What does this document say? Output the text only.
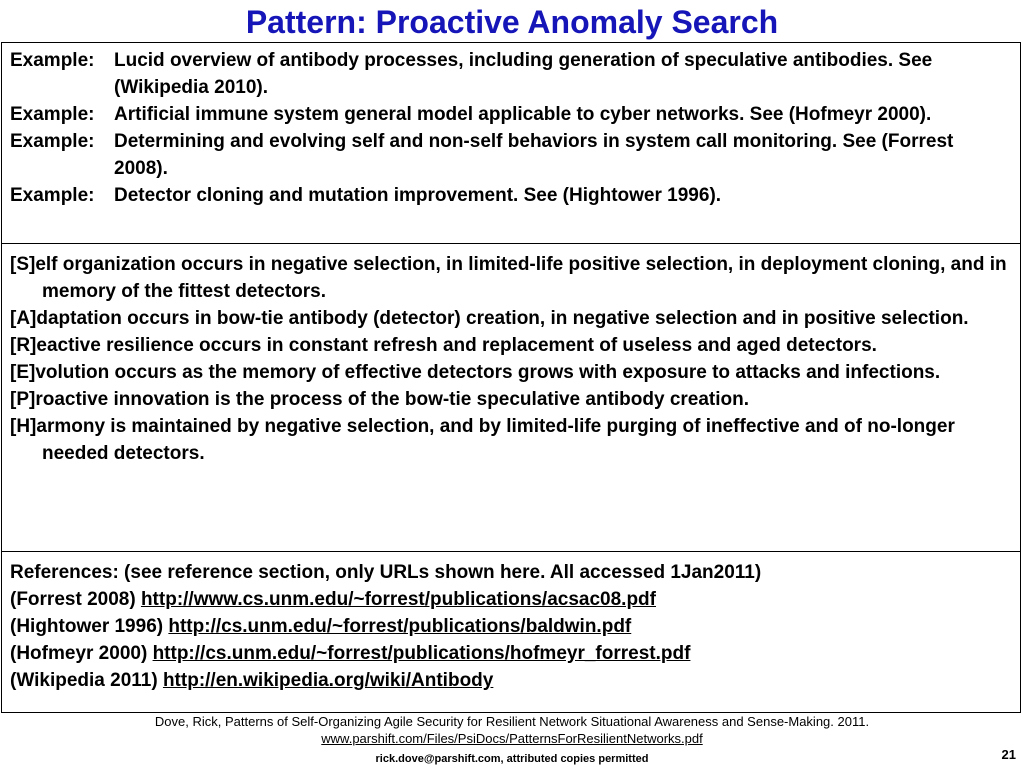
Pattern: Proactive Anomaly Search

Example: Lucid overview of antibody processes, including generation of speculative antibodies. See (Wikipedia 2010).

Example: Artificial immune system general model applicable to cyber networks. See (Hofmeyr 2000).

Example: Determining and evolving self and non-self behaviors in system call monitoring. See (Forrest 2008).

Example: Detector cloning and mutation improvement. See (Hightower 1996).

[S]elf organization occurs in negative selection, in limited-life positive selection, in deployment cloning, and in memory of the fittest detectors.

[A]daptation occurs in bow-tie antibody (detector) creation, in negative selection and in positive selection.

[R]eactive resilience occurs in constant refresh and replacement of useless and aged detectors.

[E]volution occurs as the memory of effective detectors grows with exposure to attacks and infections.

[P]roactive innovation is the process of the bow-tie speculative antibody creation.

[H]armony is maintained by negative selection, and by limited-life purging of ineffective and of no-longer needed detectors.

References: (see reference section, only URLs shown here. All accessed 1Jan2011)

(Forrest 2008) http://www.cs.unm.edu/~forrest/publications/acsac08.pdf

(Hightower 1996) http://cs.unm.edu/~forrest/publications/baldwin.pdf

(Hofmeyr 2000) http://cs.unm.edu/~forrest/publications/hofmeyr_forrest.pdf

(Wikipedia 2011) http://en.wikipedia.org/wiki/Antibody

Dove, Rick, Patterns of Self-Organizing Agile Security for Resilient Network Situational Awareness and Sense-Making. 2011.
www.parshift.com/Files/PsiDocs/PatternsForResilientNetworks.pdf
rick.dove@parshift.com, attributed copies permitted	21
